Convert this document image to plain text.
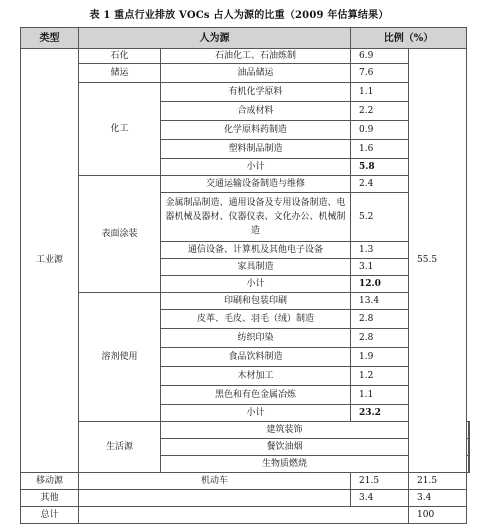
表 1 重点行业排放 VOCs 占人为源的比重（2009 年估算结果）
类型	人为源		比例（%）			
工业源	石化	石油化工、石油炼制	6.9	55.5		
	储运	油品储运	7.6			
	化工	有机化学原料	1.1			
		合成材料	2.2			
		化学原料药制造	0.9			
		塑料制品制造	1.6			
		小计	5.8			
	表面涂装	交通运输设备制造与维修	2.4			
		金属制品制造、通用设备及专用设备制造、电器机械及器材、仪器仪表、文化办公、机械制造	5.2			
		通信设备、计算机及其他电子设备	1.3			
		家具制造	3.1			
		小计	12.0			
	溶剂使用	印刷和包装印刷	13.4			
		皮革、毛皮、羽毛（绒）制造	2.8			
		纺织印染	2.8			
		食品饮料制造	1.9			
		木材加工	1.2			
		黑色和有色金属冶炼	1.1			
		小计	23.2			
	生活源	建筑装饰		
		餐饮油烟	
		生物质燃烧	
移动源	机动车		21.5	21.5		
其他			3.4	3.4		
总计				100		
